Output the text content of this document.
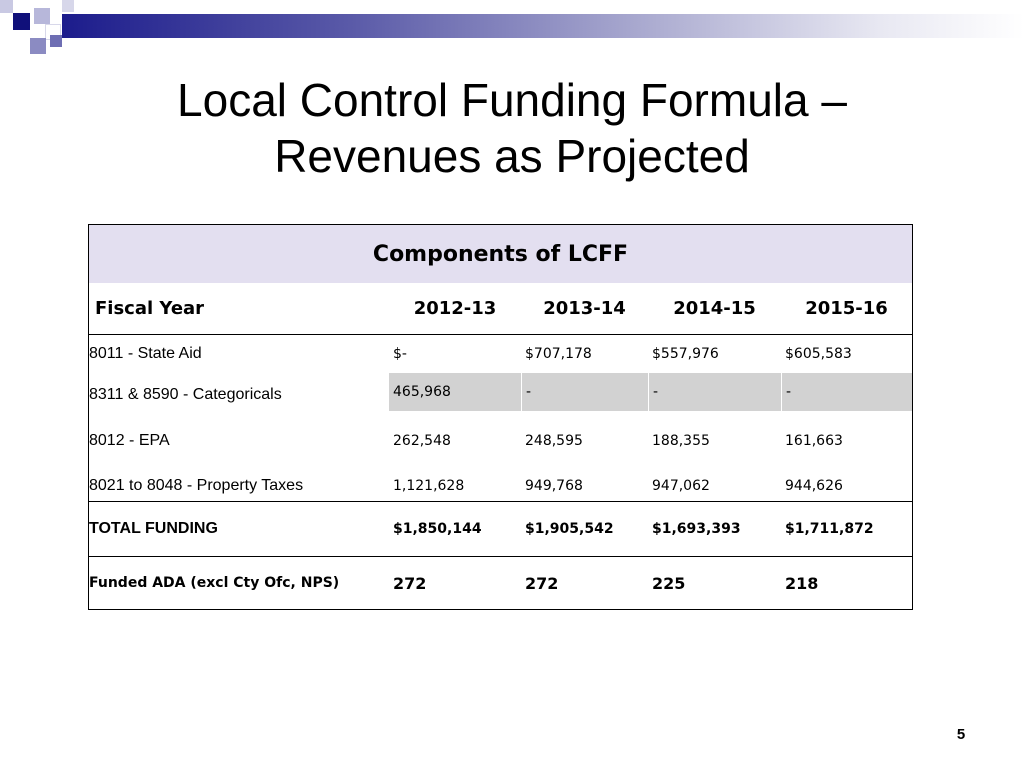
Local Control Funding Formula –
Revenues as Projected
Components of LCFF
Fiscal Year	2012-13	2013-14	2014-15	2015-16
8011 - State Aid	$-	$707,178	$557,976	$605,583
8311 & 8590 - Categoricals	465,968	-	-	-
8012 - EPA	262,548	248,595	188,355	161,663
8021 to 8048 - Property Taxes	1,121,628	949,768	947,062	944,626
TOTAL FUNDING	$1,850,144	$1,905,542	$1,693,393	$1,711,872
Funded ADA (excl Cty Ofc, NPS)	272	272	225	218
5
